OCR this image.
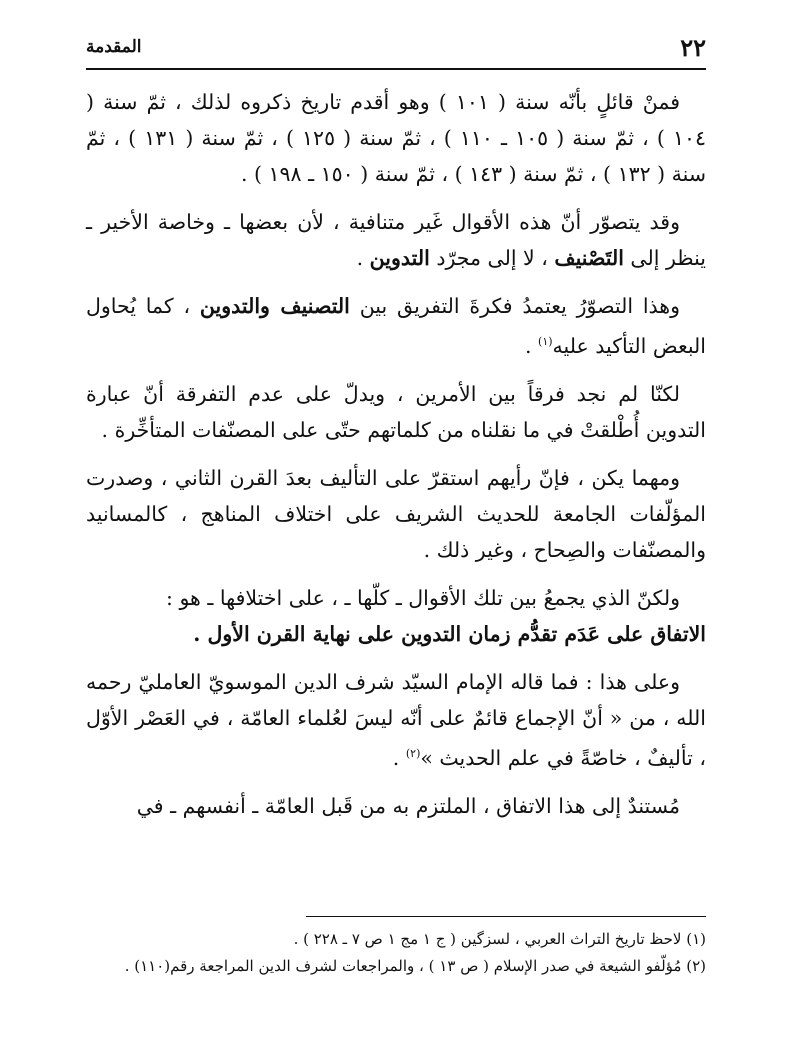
٢٢
المقدمة

فمنْ قائلٍ بأنّه سنة ( ١٠١ ) وهو أقدم تاريخ ذكروه لذلك ، ثمّ سنة ( ١٠٤ ) ، ثمّ سنة ( ١٠٥ ـ ١١٠ ) ، ثمّ سنة ( ١٢٥ ) ، ثمّ سنة ( ١٣١ ) ، ثمّ سنة ( ١٣٢ ) ، ثمّ سنة ( ١٤٣ ) ، ثمّ سنة ( ١٥٠ ـ ١٩٨ ) .

وقد يتصوّر أنّ هذه الأقوال غَير متنافية ، لأن بعضها ـ وخاصة الأخير ـ ينظر إلى التَصْنيف ، لا إلى مجرّد التدوين .

وهذا التصوّرُ يعتمدُ فكرةَ التفريق بين التصنيف والتدوين ، كما يُحاول البعض التأكيد عليه$^{(١)}$ .

لكنّا لم نجد فرقاً بين الأمرين ، ويدلّ على عدم التفرقة أنّ عبارة التدوين أُطْلقتْ في ما نقلناه من كلماتهم حتّى على المصنّفات المتأخِّرة .

ومهما يكن ، فإنّ رأيهم استقرّ على التأليف بعدَ القرن الثاني ، وصدرت المؤلّفات الجامعة للحديث الشريف على اختلاف المناهج ، كالمسانيد والمصنّفات والصِحاح ، وغير ذلك .

ولكنّ الذي يجمعُ بين تلك الأقوال ـ كلّها ـ ، على اختلافها ـ هو :
الاتفاق على عَدَم تقدُّم زمان التدوين على نهاية القرن الأول .

وعلى هذا : فما قاله الإمام السيّد شرف الدين الموسويّ العامليّ رحمه الله ، من « أنّ الإجماع قائمٌ على أنّه ليسَ لعُلماء العامّة ، في العَصْر الأوّل ، تأليفٌ ، خاصّةً في علم الحديث »$^{(٢)}$ .

مُستندٌ إلى هذا الاتفاق ، الملتزم به من قَبل العامّة ـ أنفسهم ـ في

(١) لاحظ تاريخ التراث العربي ، لسزگين ( ج ١ مج ١ ص ٧ ـ ٢٢٨ ) .

(٢) مُؤلّفو الشيعة في صدر الإسلام ( ص ١٣ ) ، والمراجعات لشرف الدين المراجعة رقم(١١٠) .
